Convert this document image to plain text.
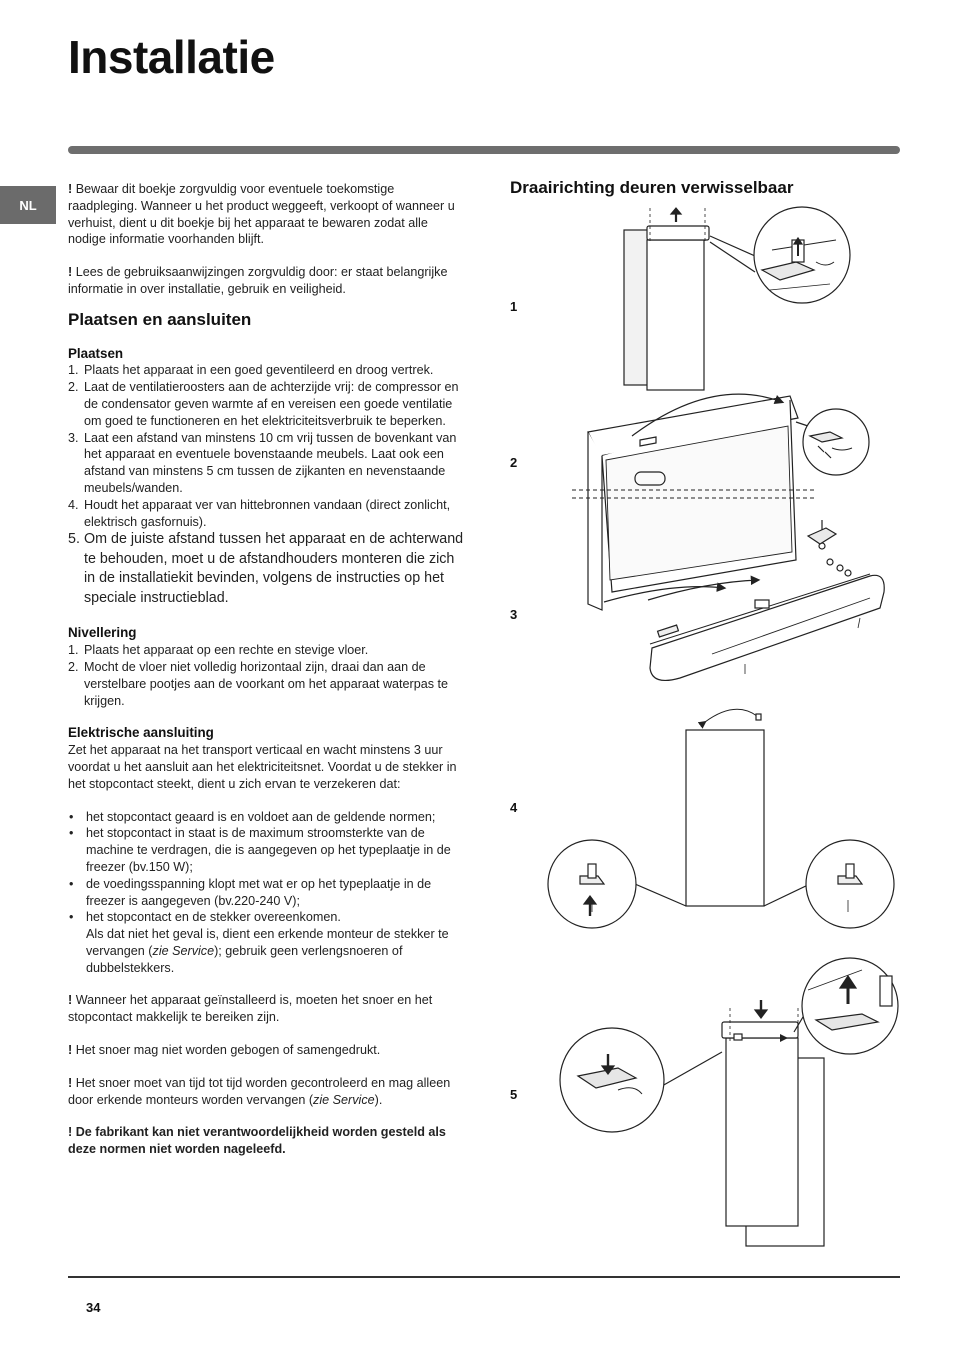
Installatie
NL

! Bewaar dit boekje zorgvuldig voor eventuele toekomstige raadpleging. Wanneer u het product weggeeft, verkoopt of wanneer u verhuist, dient u dit boekje bij het apparaat te bewaren zodat alle nodige informatie voorhanden blijft.

! Lees de gebruiksaanwijzingen zorgvuldig door: er staat belangrijke informatie in over installatie, gebruik en veiligheid.

Plaatsen en aansluiten
Plaatsen
1. Plaats het apparaat in een goed geventileerd en droog vertrek.
2. Laat de ventilatieroosters aan de achterzijde vrij: de compressor en de condensator geven warmte af en vereisen een goede ventilatie om goed te functioneren en het elektriciteitsverbruik te beperken.
3. Laat een afstand van minstens 10 cm vrij tussen de bovenkant van het apparaat en eventuele bovenstaande meubels. Laat ook een afstand van minstens 5 cm tussen de zijkanten en nevenstaande meubels/wanden.
4. Houdt het apparaat ver van hittebronnen vandaan (direct zonlicht, elektrisch gasfornuis).
5. Om de juiste afstand tussen het apparaat en de achterwand te behouden, moet u de afstandhouders monteren die zich in de installatiekit bevinden, volgens de instructies op het speciale instructieblad.
Nivellering
1. Plaats het apparaat op een rechte en stevige vloer.
2. Mocht de vloer niet volledig horizontaal zijn, draai dan aan de verstelbare pootjes aan de voorkant om het apparaat waterpas te krijgen.
Elektrische aansluiting

Zet het apparaat na het transport verticaal en wacht minstens 3 uur voordat u het aansluit aan het elektriciteitsnet. Voordat u de stekker in het stopcontact steekt, dient u zich ervan te verzekeren dat:

• het stopcontact geaard is en voldoet aan de geldende normen;
• het stopcontact in staat is de maximum stroomsterkte van de machine te verdragen, die is aangegeven op het typeplaatje in de freezer (bv.150 W);
• de voedingsspanning klopt met wat er op het typeplaatje in de freezer is aangegeven (bv.220-240 V);
• het stopcontact en de stekker overeenkomen.
Als dat niet het geval is, dient een erkende monteur de stekker te vervangen (zie Service); gebruik geen verlengsnoeren of dubbelstekkers.

! Wanneer het apparaat geïnstalleerd is, moeten het snoer en het stopcontact makkelijk te bereiken zijn.

! Het snoer mag niet worden gebogen of samengedrukt.

! Het snoer moet van tijd tot tijd worden gecontroleerd en mag alleen door erkende monteurs worden vervangen (zie Service).

! De fabrikant kan niet verantwoordelijkheid worden gesteld als deze normen niet worden nageleefd.

Draairichting deuren verwisselbaar
1
2
3
4
5
34
